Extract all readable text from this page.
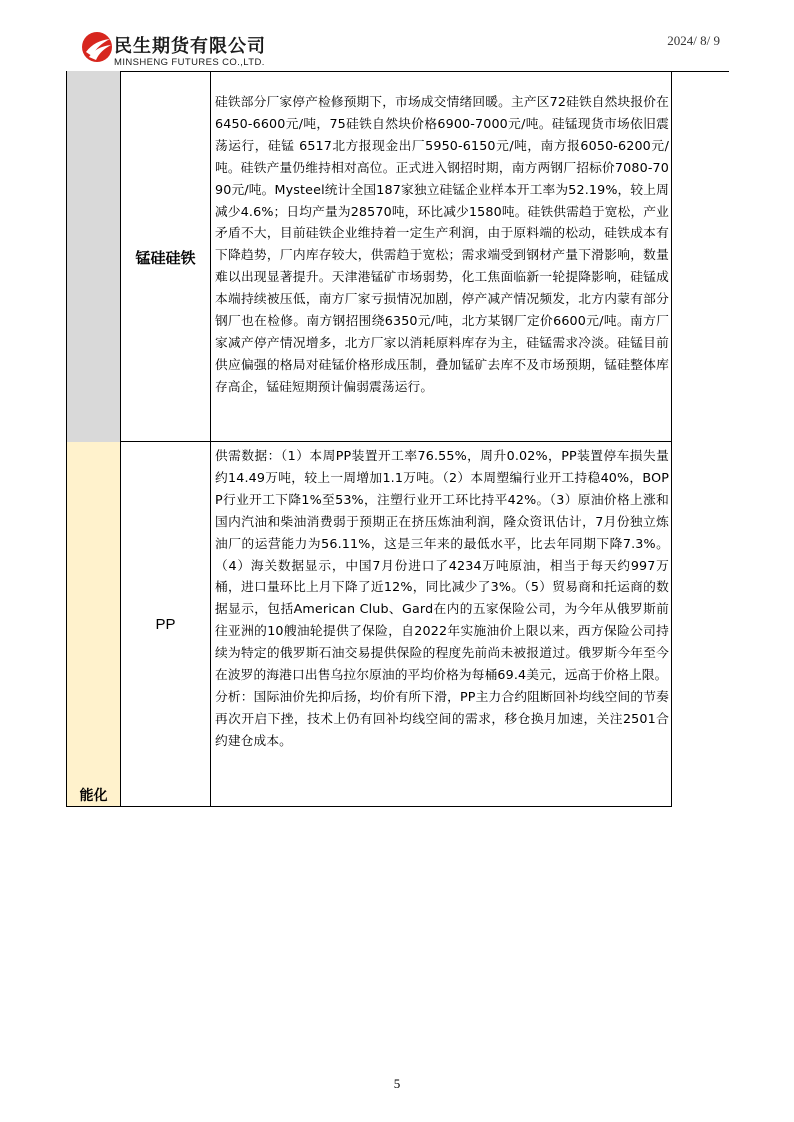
民生期货有限公司
MINSHENG FUTURES CO.,LTD.
2024/ 8/ 9
能化
锰硅硅铁

硅铁部分厂家停产检修预期下，市场成交情绪回暖。主产区72硅铁自然块报价在6450-6600元/吨，75硅铁自然块价格6900-7000元/吨。硅锰现货市场依旧震荡运行，硅锰 6517北方报现金出厂5950-6150元/吨，南方报6050-6200元/吨。硅铁产量仍维持相对高位。正式进入钢招时期，南方两钢厂招标价7080-7090元/吨。Mysteel统计全国187家独立硅锰企业样本开工率为52.19%，较上周减少4.6%；日均产量为28570吨，环比减少1580吨。硅铁供需趋于宽松，产业矛盾不大，目前硅铁企业维持着一定生产利润，由于原料端的松动，硅铁成本有下降趋势，厂内库存较大，供需趋于宽松；需求端受到钢材产量下滑影响，数量难以出现显著提升。天津港锰矿市场弱势，化工焦面临新一轮提降影响，硅锰成本端持续被压低，南方厂家亏损情况加剧，停产减产情况频发，北方内蒙有部分钢厂也在检修。南方钢招围绕6350元/吨，北方某钢厂定价6600元/吨。南方厂家减产停产情况增多，北方厂家以消耗原料库存为主，硅锰需求冷淡。硅锰目前供应偏强的格局对硅锰价格形成压制，叠加锰矿去库不及市场预期，锰硅整体库存高企，锰硅短期预计偏弱震荡运行。

PP

供需数据：（1）本周PP装置开工率76.55%，周升0.02%，PP装置停车损失量约14.49万吨，较上一周增加1.1万吨。（2）本周塑编行业开工持稳40%，BOPP行业开工下降1%至53%，注塑行业开工环比持平42%。（3）原油价格上涨和国内汽油和柴油消费弱于预期正在挤压炼油利润，隆众资讯估计，7月份独立炼油厂的运营能力为56.11%，这是三年来的最低水平，比去年同期下降7.3%。（4）海关数据显示，中国7月份进口了4234万吨原油，相当于每天约997万桶，进口量环比上月下降了近12%，同比减少了3%。（5）贸易商和托运商的数据显示，包括American Club、Gard在内的五家保险公司，为今年从俄罗斯前往亚洲的10艘油轮提供了保险，自2022年实施油价上限以来，西方保险公司持续为特定的俄罗斯石油交易提供保险的程度先前尚未被报道过。俄罗斯今年至今在波罗的海港口出售乌拉尔原油的平均价格为每桶69.4美元，远高于价格上限。

分析：国际油价先抑后扬，均价有所下滑，PP主力合约阻断回补均线空间的节奏再次开启下挫，技术上仍有回补均线空间的需求，移仓换月加速，关注2501合约建仓成本。

5
